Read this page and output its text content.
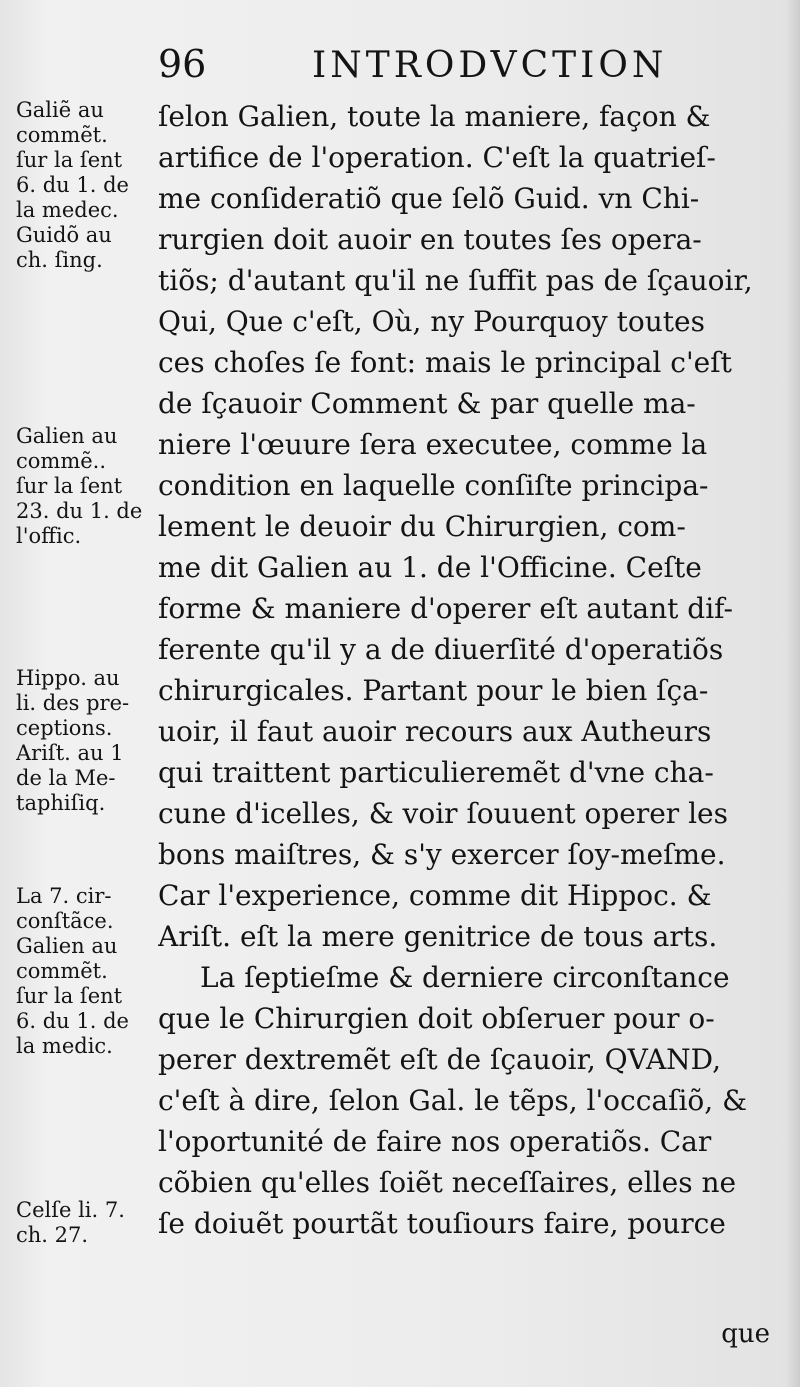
96	INTRODVCTION
Galiẽ au
commẽt.
ſur la ſent
6. du 1. de
la medec.
Guidõ au
ch. ſing.
Galien au
commẽ..
ſur la ſent
23. du 1. de
l'offic.
Hippo. au
li. des pre-
ceptions.
Ariſt. au 1
de la Me-
taphiſiq.
La 7. cir-
conſtãce.
Galien au
commẽt.
ſur la ſent
6. du 1. de
la medic.
Celſe li. 7.
ch. 27.
ſelon Galien, toute la maniere, façon &
artifice de l'operation. C'eſt la quatrieſ-
me conſideratiõ que ſelõ Guid. vn Chi-
rurgien doit auoir en toutes ſes opera-
tiõs; d'autant qu'il ne ſuffit pas de ſçauoir,
Qui, Que c'eſt, Où, ny Pourquoy toutes
ces choſes ſe font: mais le principal c'eſt
de ſçauoir Comment & par quelle ma-
niere l'œuure ſera executee, comme la
condition en laquelle conſiſte principa-
lement le deuoir du Chirurgien, com-
me dit Galien au 1. de l'Officine. Ceſte
forme & maniere d'operer eſt autant dif-
ferente qu'il y a de diuerſité d'operatiõs
chirurgicales. Partant pour le bien ſça-
uoir, il faut auoir recours aux Autheurs
qui traittent particulieremẽt d'vne cha-
cune d'icelles, & voir ſouuent operer les
bons maiſtres, & s'y exercer ſoy-meſme.
Car l'experience, comme dit Hippoc. &
Ariſt. eſt la mere genitrice de tous arts.
La ſeptieſme & derniere circonſtance
que le Chirurgien doit obſeruer pour o-
perer dextremẽt eſt de ſçauoir, QVAND,
c'eſt à dire, ſelon Gal. le tẽps, l'occaſiõ, &
l'oportunité de faire nos operatiõs. Car
cõbien qu'elles ſoiẽt neceſſaires, elles ne
ſe doiuẽt pourtãt touſiours faire, pource
que
